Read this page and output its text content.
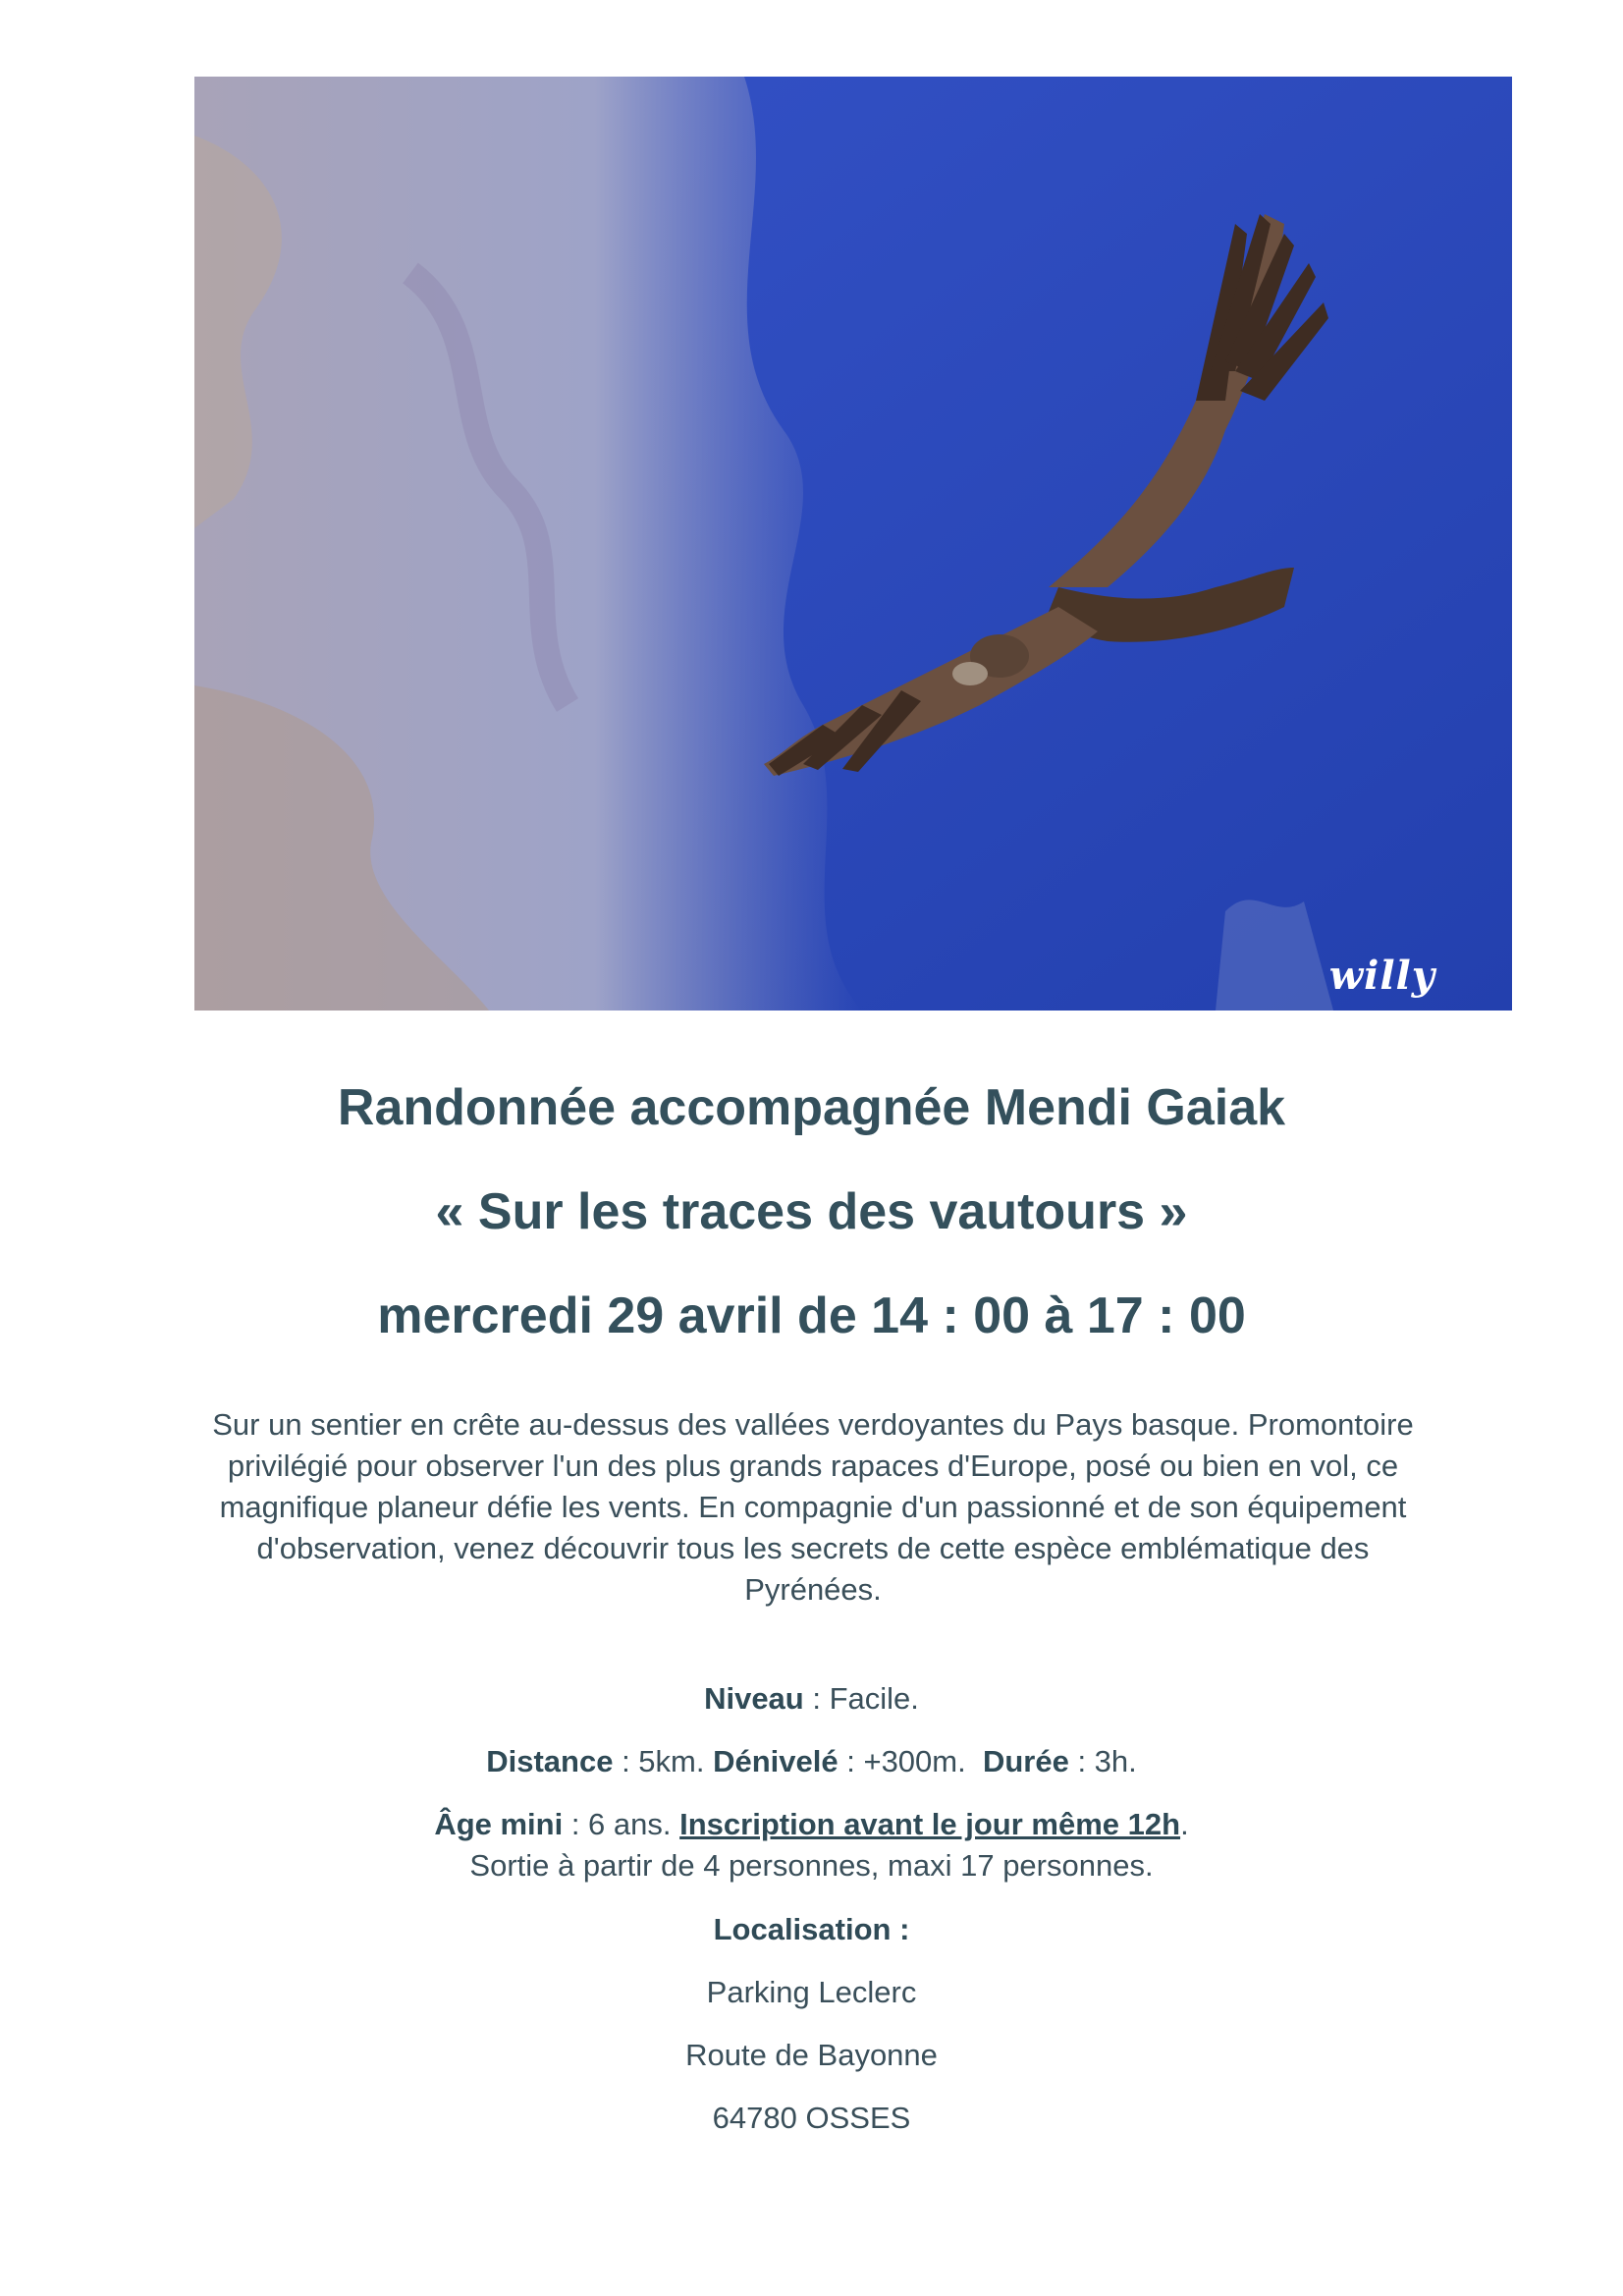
willy
Randonnée accompagnée Mendi Gaiak
« Sur les traces des vautours »
mercredi 29 avril de 14 : 00 à 17 : 00

Sur un sentier en crête au-dessus des vallées verdoyantes du Pays basque. Promontoire privilégié pour observer l'un des plus grands rapaces d'Europe, posé ou bien en vol, ce magnifique planeur défie les vents. En compagnie d'un passionné et de son équipement d'observation, venez découvrir tous les secrets de cette espèce emblématique des Pyrénées.

Niveau : Facile.

Distance : 5km. Dénivelé : +300m.  Durée : 3h.

Âge mini : 6 ans. Inscription avant le jour même 12h.

Sortie à partir de 4 personnes, maxi 17 personnes.

Localisation :

Parking Leclerc

Route de Bayonne

64780 OSSES
